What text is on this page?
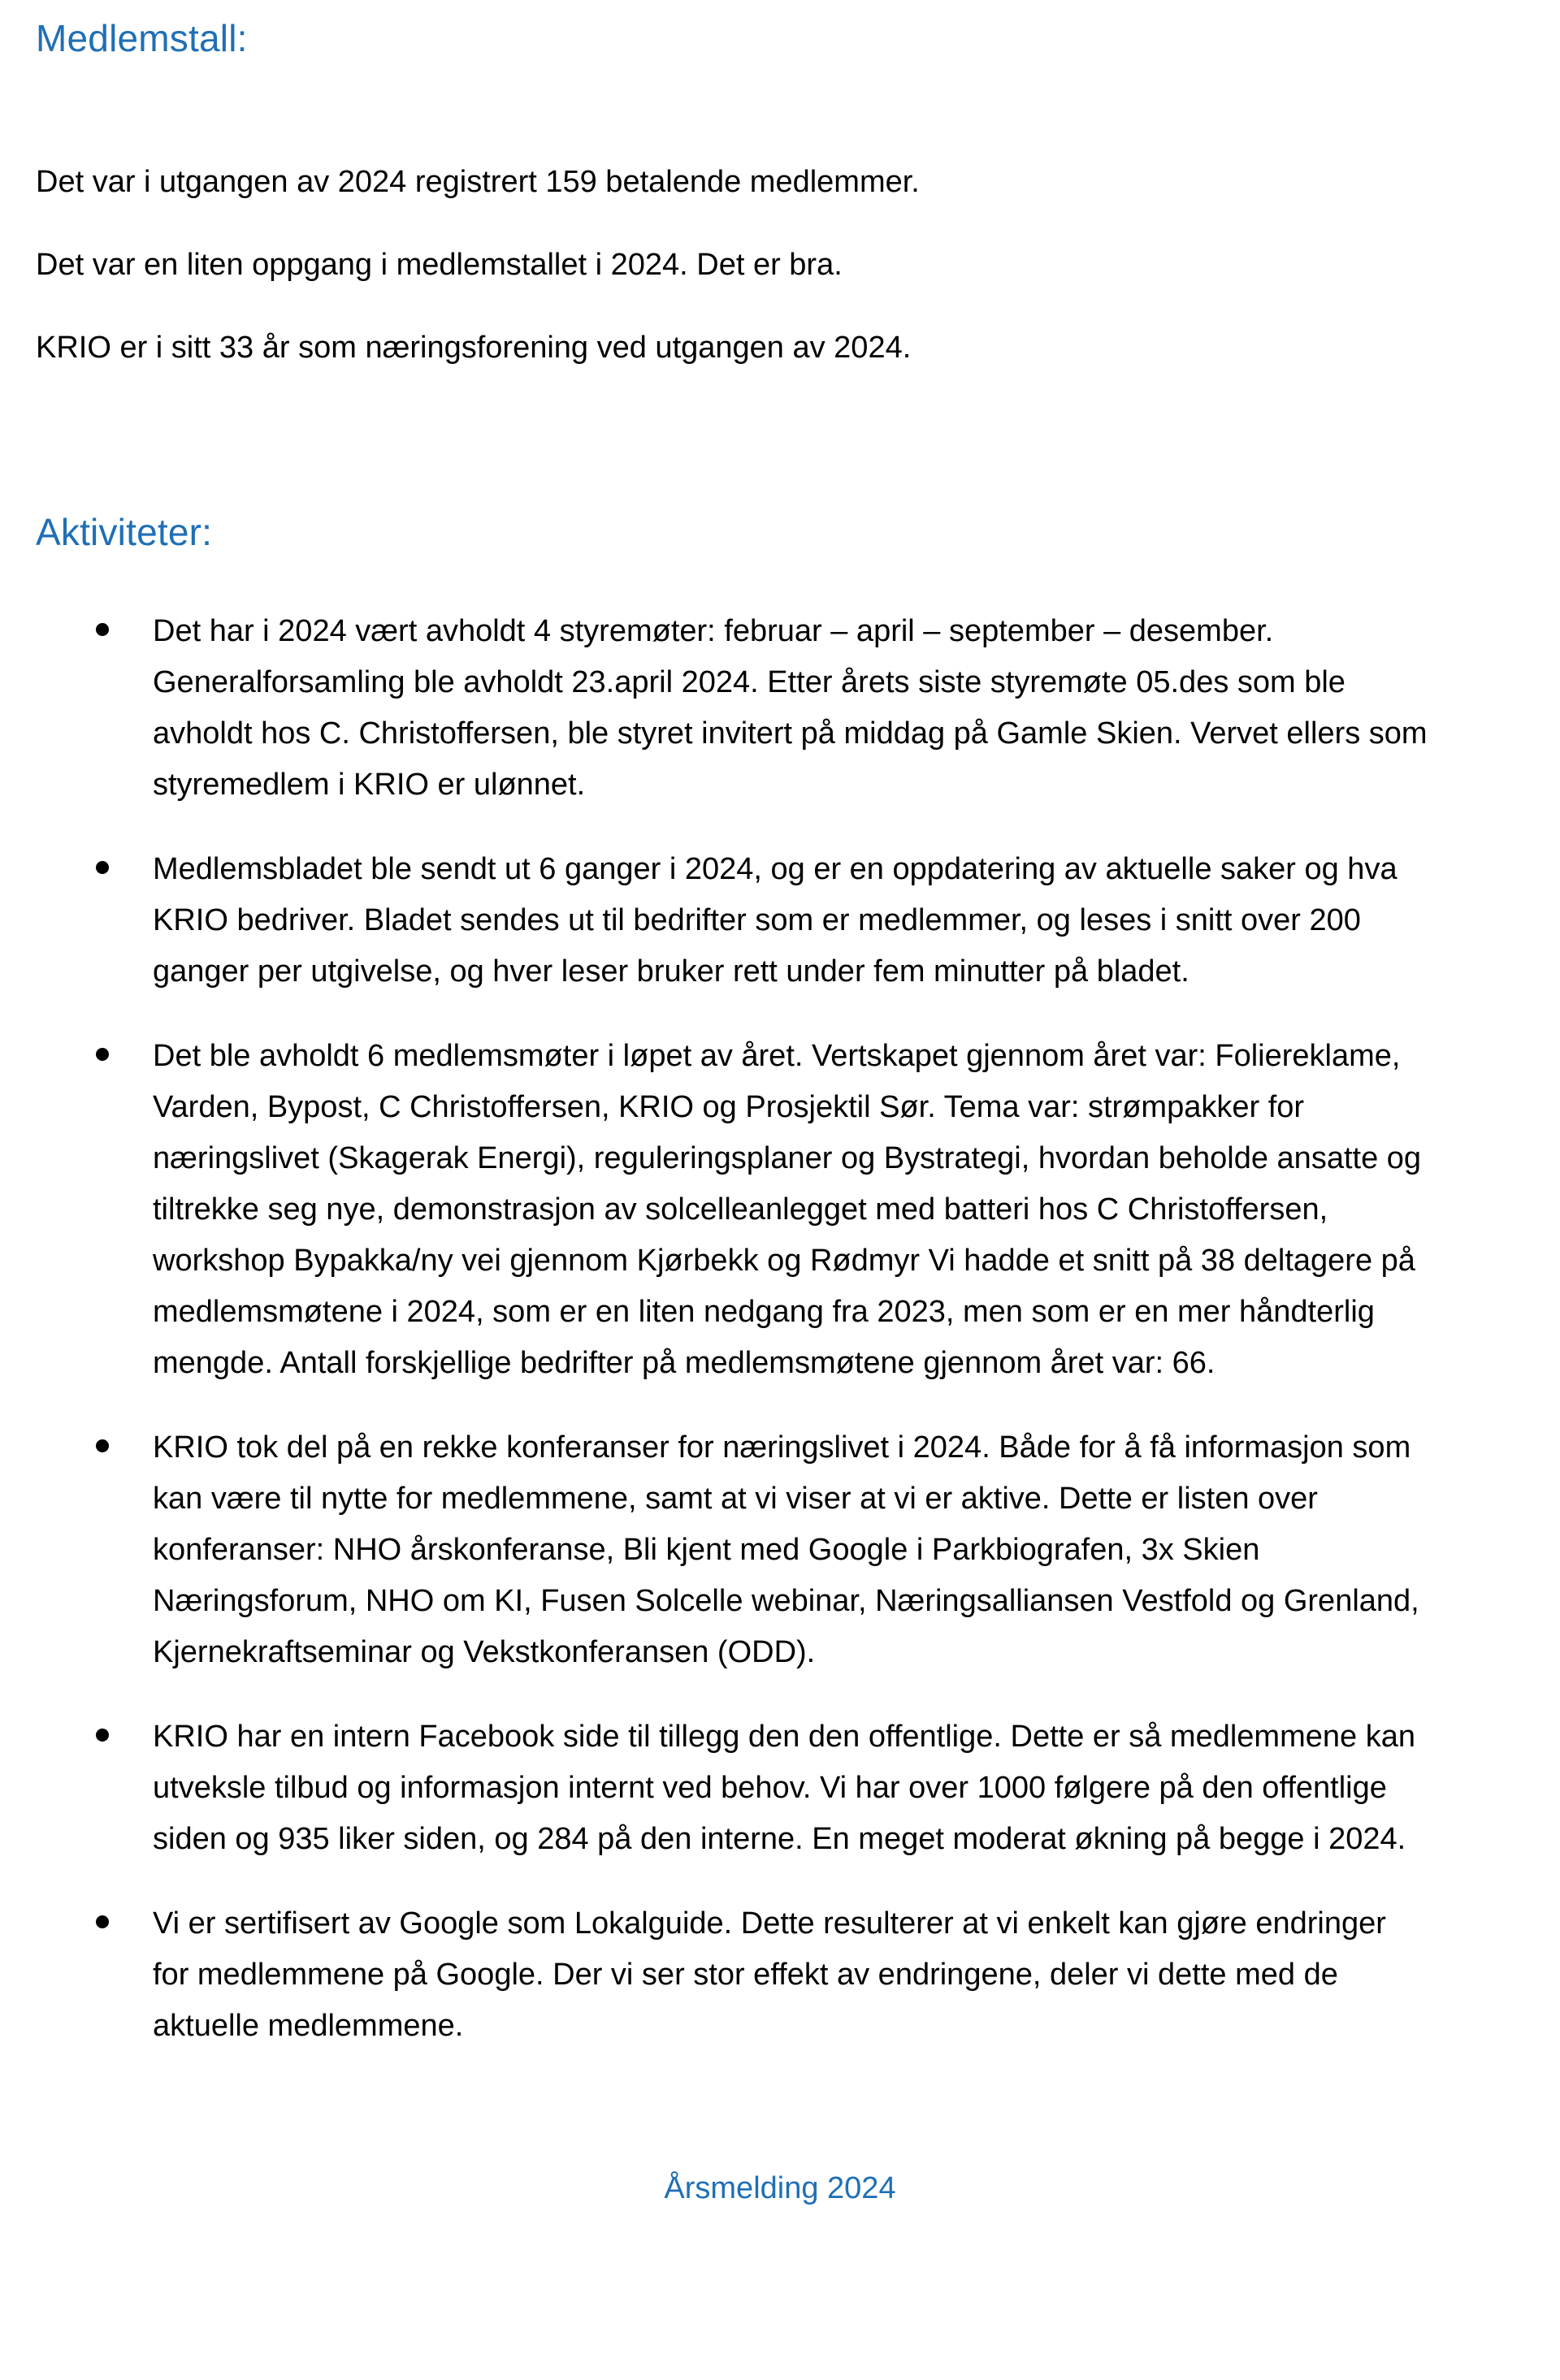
Medlemstall:

Det var i utgangen av 2024 registrert 159 betalende medlemmer.

Det var en liten oppgang i medlemstallet i 2024. Det er bra.

KRIO er i sitt 33 år som næringsforening ved utgangen av 2024.

Aktiviteter:
Det har i 2024 vært avholdt 4 styremøter: februar – april – september – desember.
Generalforsamling ble avholdt 23.april 2024. Etter årets siste styremøte 05.des som ble
avholdt hos C. Christoffersen, ble styret invitert på middag på Gamle Skien. Vervet ellers som
styremedlem i KRIO er ulønnet.
Medlemsbladet ble sendt ut 6 ganger i 2024, og er en oppdatering av aktuelle saker og hva
KRIO bedriver. Bladet sendes ut til bedrifter som er medlemmer, og leses i snitt over 200
ganger per utgivelse, og hver leser bruker rett under fem minutter på bladet.
Det ble avholdt 6 medlemsmøter i løpet av året. Vertskapet gjennom året var: Foliereklame,
Varden, Bypost, C Christoffersen, KRIO og Prosjektil Sør. Tema var: strømpakker for
næringslivet (Skagerak Energi), reguleringsplaner og Bystrategi, hvordan beholde ansatte og
tiltrekke seg nye, demonstrasjon av solcelleanlegget med batteri hos C Christoffersen,
workshop Bypakka/ny vei gjennom Kjørbekk og Rødmyr Vi hadde et snitt på 38 deltagere på
medlemsmøtene i 2024, som er en liten nedgang fra 2023, men som er en mer håndterlig
mengde. Antall forskjellige bedrifter på medlemsmøtene gjennom året var: 66.
KRIO tok del på en rekke konferanser for næringslivet i 2024. Både for å få informasjon som
kan være til nytte for medlemmene, samt at vi viser at vi er aktive. Dette er listen over
konferanser: NHO årskonferanse, Bli kjent med Google i Parkbiografen, 3x Skien
Næringsforum, NHO om KI, Fusen Solcelle webinar, Næringsalliansen Vestfold og Grenland,
Kjernekraftseminar og Vekstkonferansen (ODD).
KRIO har en intern Facebook side til tillegg den den offentlige. Dette er så medlemmene kan
utveksle tilbud og informasjon internt ved behov. Vi har over 1000 følgere på den offentlige
siden og 935 liker siden, og 284 på den interne. En meget moderat økning på begge i 2024.
Vi er sertifisert av Google som Lokalguide. Dette resulterer at vi enkelt kan gjøre endringer
for medlemmene på Google. Der vi ser stor effekt av endringene, deler vi dette med de
aktuelle medlemmene.

Årsmelding 2024
